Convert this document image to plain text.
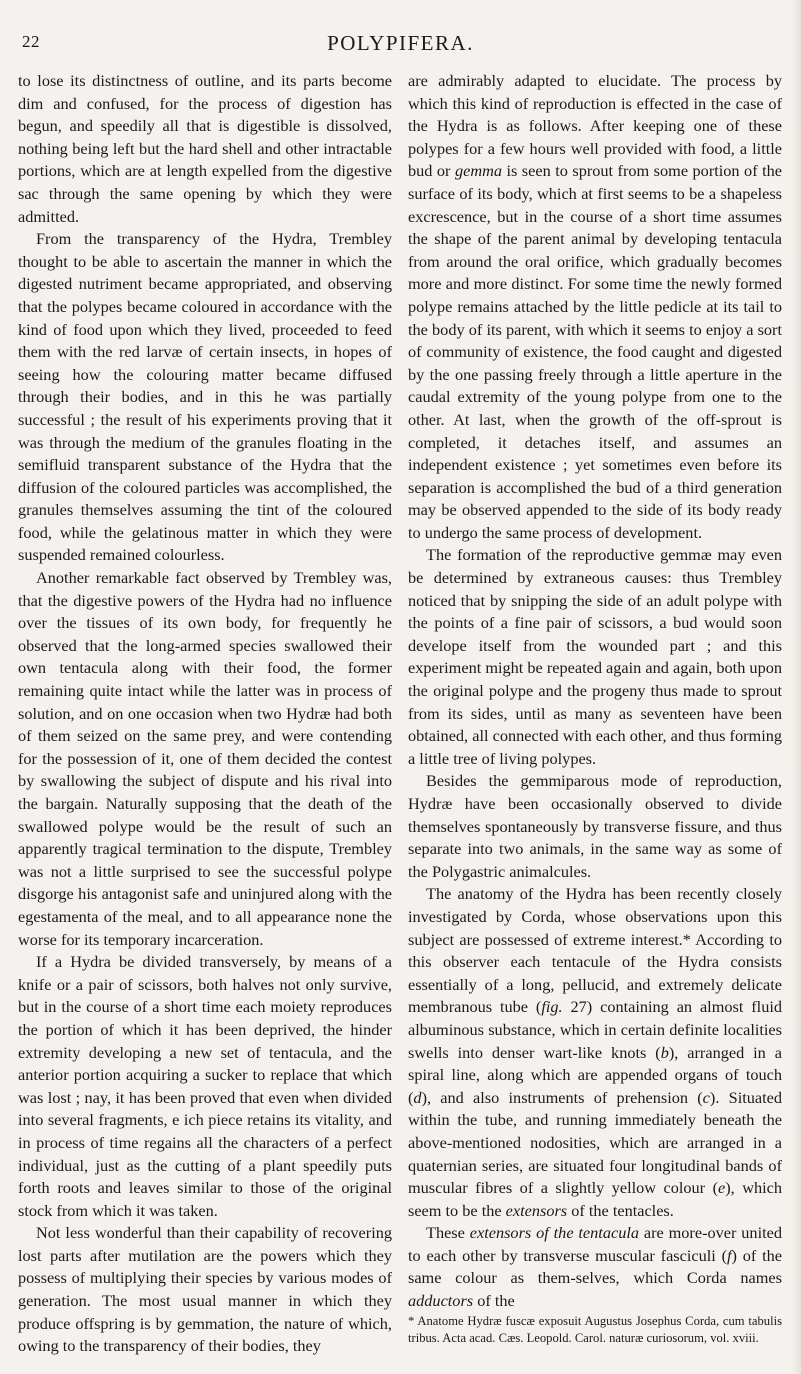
22	POLYPIFERA.

to lose its distinctness of outline, and its parts become dim and confused, for the process of digestion has begun, and speedily all that is digestible is dissolved, nothing being left but the hard shell and other intractable portions, which are at length expelled from the digestive sac through the same opening by which they were admitted.

From the transparency of the Hydra, Trembley thought to be able to ascertain the manner in which the digested nutriment became appropriated, and observing that the polypes became coloured in accordance with the kind of food upon which they lived, proceeded to feed them with the red larvæ of certain insects, in hopes of seeing how the colouring matter became diffused through their bodies, and in this he was partially successful ; the result of his experiments proving that it was through the medium of the granules floating in the semifluid transparent substance of the Hydra that the diffusion of the coloured particles was accomplished, the granules themselves assuming the tint of the coloured food, while the gelatinous matter in which they were suspended remained colourless.

Another remarkable fact observed by Trembley was, that the digestive powers of the Hydra had no influence over the tissues of its own body, for frequently he observed that the long-armed species swallowed their own tentacula along with their food, the former remaining quite intact while the latter was in process of solution, and on one occasion when two Hydræ had both of them seized on the same prey, and were contending for the possession of it, one of them decided the contest by swallowing the subject of dispute and his rival into the bargain. Naturally supposing that the death of the swallowed polype would be the result of such an apparently tragical termination to the dispute, Trembley was not a little surprised to see the successful polype disgorge his antagonist safe and uninjured along with the egestamenta of the meal, and to all appearance none the worse for its temporary incarceration.

If a Hydra be divided transversely, by means of a knife or a pair of scissors, both halves not only survive, but in the course of a short time each moiety reproduces the portion of which it has been deprived, the hinder extremity developing a new set of tentacula, and the anterior portion acquiring a sucker to replace that which was lost ; nay, it has been proved that even when divided into several fragments, e ich piece retains its vitality, and in process of time regains all the characters of a perfect individual, just as the cutting of a plant speedily puts forth roots and leaves similar to those of the original stock from which it was taken.

Not less wonderful than their capability of recovering lost parts after mutilation are the powers which they possess of multiplying their species by various modes of generation. The most usual manner in which they produce offspring is by gemmation, the nature of which, owing to the transparency of their bodies, they

are admirably adapted to elucidate. The process by which this kind of reproduction is effected in the case of the Hydra is as follows. After keeping one of these polypes for a few hours well provided with food, a little bud or gemma is seen to sprout from some portion of the surface of its body, which at first seems to be a shapeless excrescence, but in the course of a short time assumes the shape of the parent animal by developing tentacula from around the oral orifice, which gradually becomes more and more distinct. For some time the newly formed polype remains attached by the little pedicle at its tail to the body of its parent, with which it seems to enjoy a sort of community of existence, the food caught and digested by the one passing freely through a little aperture in the caudal extremity of the young polype from one to the other. At last, when the growth of the off-sprout is completed, it detaches itself, and assumes an independent existence ; yet sometimes even before its separation is accomplished the bud of a third generation may be observed appended to the side of its body ready to undergo the same process of development.

The formation of the reproductive gemmæ may even be determined by extraneous causes: thus Trembley noticed that by snipping the side of an adult polype with the points of a fine pair of scissors, a bud would soon develope itself from the wounded part ; and this experiment might be repeated again and again, both upon the original polype and the progeny thus made to sprout from its sides, until as many as seventeen have been obtained, all connected with each other, and thus forming a little tree of living polypes.

Besides the gemmiparous mode of reproduction, Hydræ have been occasionally observed to divide themselves spontaneously by transverse fissure, and thus separate into two animals, in the same way as some of the Polygastric animalcules.

The anatomy of the Hydra has been recently closely investigated by Corda, whose observations upon this subject are possessed of extreme interest.* According to this observer each tentacule of the Hydra consists essentially of a long, pellucid, and extremely delicate membranous tube (fig. 27) containing an almost fluid albuminous substance, which in certain definite localities swells into denser wart-like knots (b), arranged in a spiral line, along which are appended organs of touch (d), and also instruments of prehension (c). Situated within the tube, and running immediately beneath the above-mentioned nodosities, which are arranged in a quaternian series, are situated four longitudinal bands of muscular fibres of a slightly yellow colour (e), which seem to be the extensors of the tentacles.

These extensors of the tentacula are more-over united to each other by transverse muscular fasciculi (f) of the same colour as them-selves, which Corda names adductors of the

* Anatome Hydræ fuscæ exposuit Augustus Josephus Corda, cum tabulis tribus. Acta acad. Cæs. Leopold. Carol. naturæ curiosorum, vol. xviii.
